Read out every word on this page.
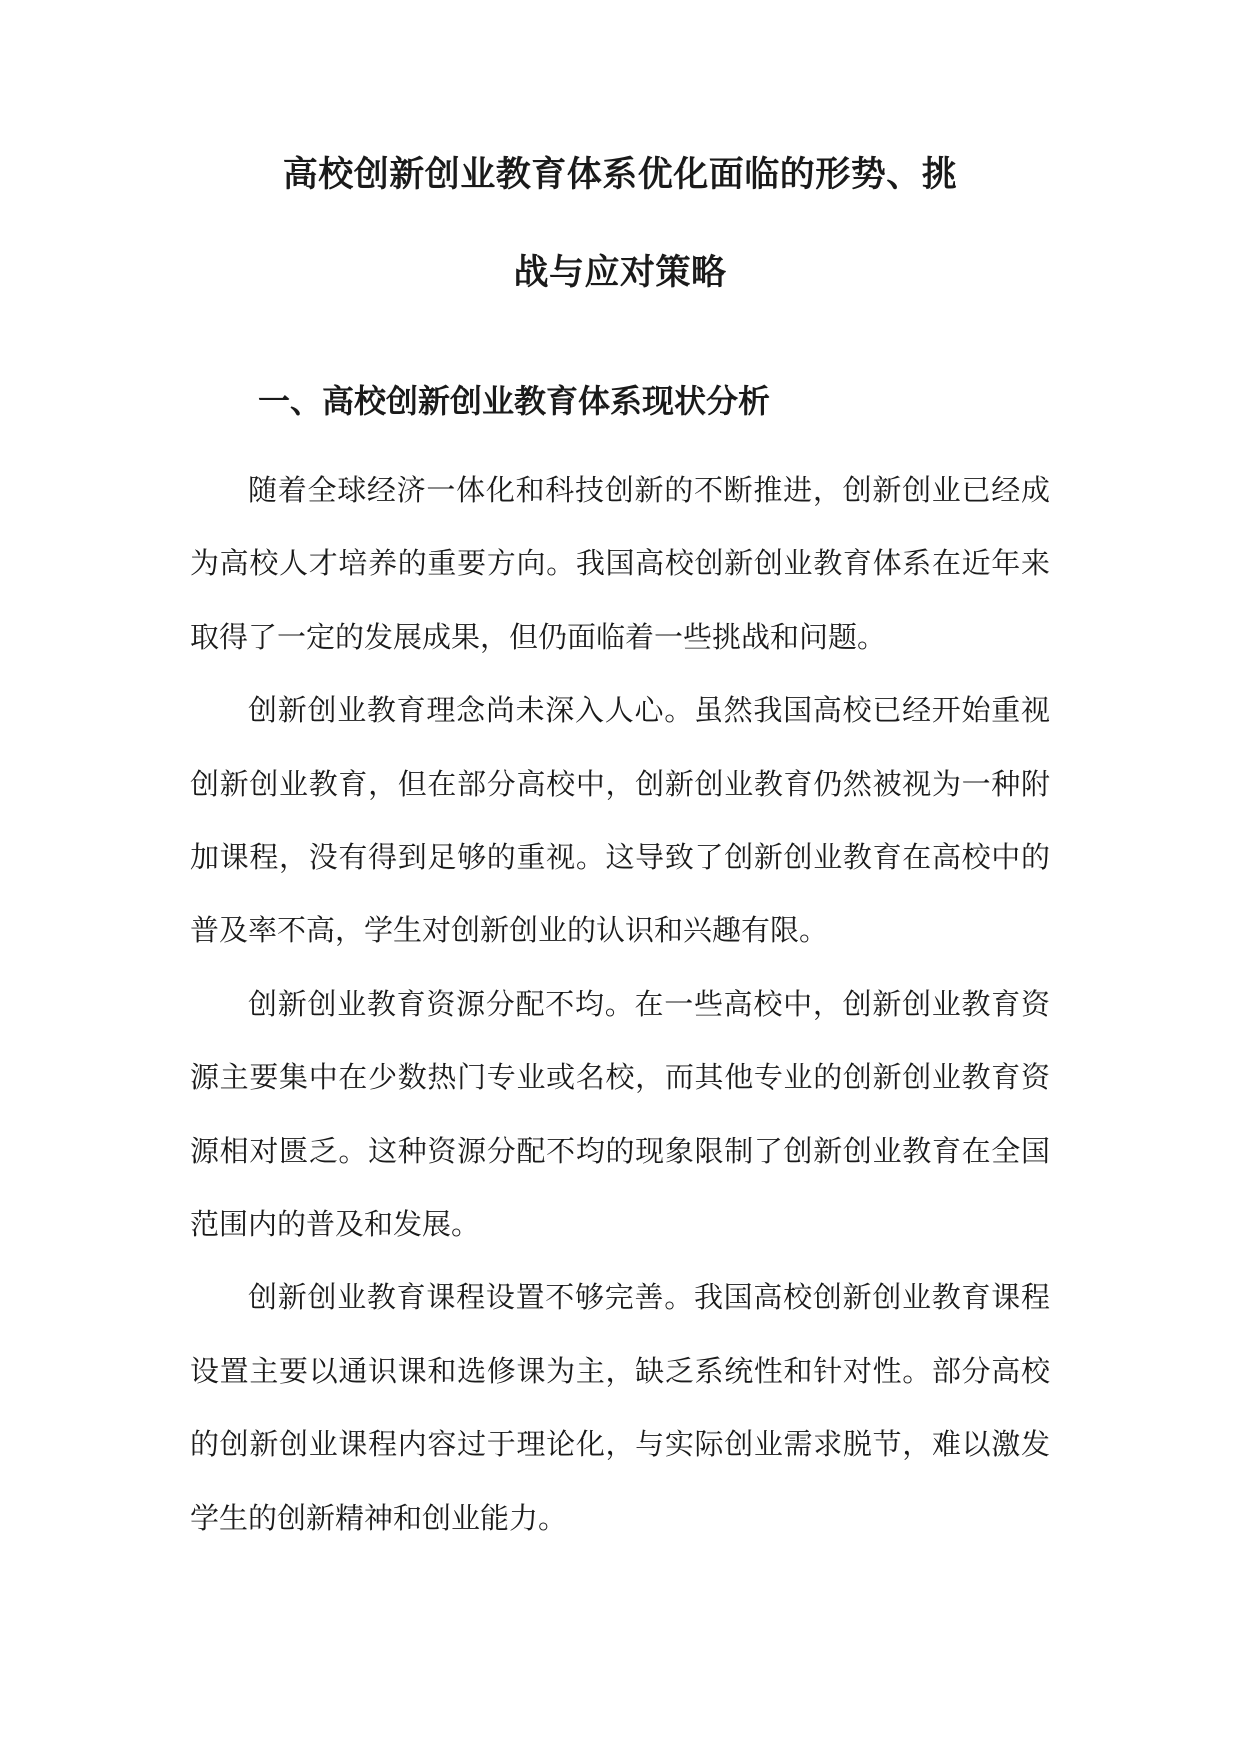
高校创新创业教育体系优化面临的形势、挑
战与应对策略
一、高校创新创业教育体系现状分析

随着全球经济一体化和科技创新的不断推进，创新创业已经成为高校人才培养的重要方向。我国高校创新创业教育体系在近年来取得了一定的发展成果，但仍面临着一些挑战和问题。

创新创业教育理念尚未深入人心。虽然我国高校已经开始重视创新创业教育，但在部分高校中，创新创业教育仍然被视为一种附加课程，没有得到足够的重视。这导致了创新创业教育在高校中的普及率不高，学生对创新创业的认识和兴趣有限。

创新创业教育资源分配不均。在一些高校中，创新创业教育资源主要集中在少数热门专业或名校，而其他专业的创新创业教育资源相对匮乏。这种资源分配不均的现象限制了创新创业教育在全国范围内的普及和发展。

创新创业教育课程设置不够完善。我国高校创新创业教育课程设置主要以通识课和选修课为主，缺乏系统性和针对性。部分高校的创新创业课程内容过于理论化，与实际创业需求脱节，难以激发学生的创新精神和创业能力。
